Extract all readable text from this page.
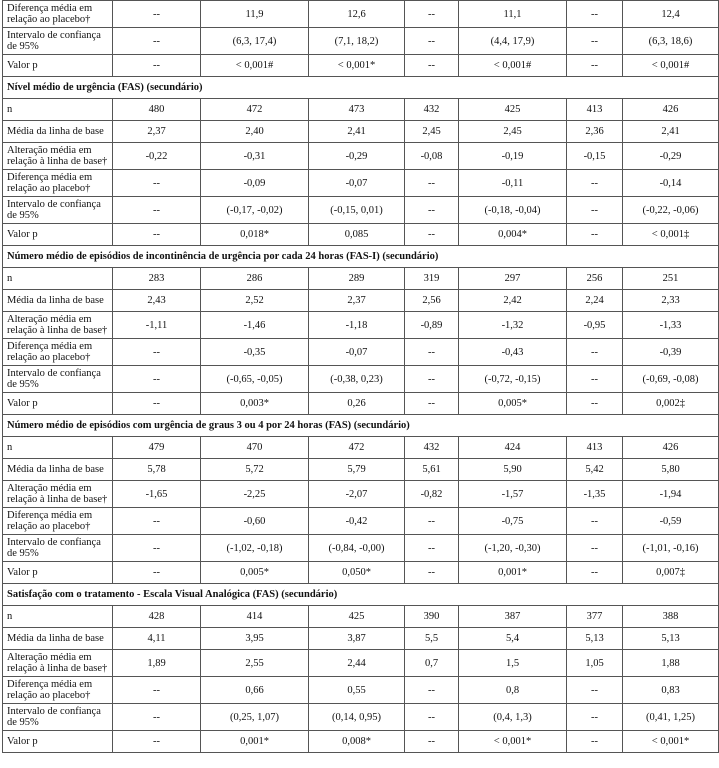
Diferença média em relação ao placebo†	--	11,9	12,6	--	11,1	--	12,4
Intervalo de confiança de 95%	--	(6,3, 17,4)	(7,1, 18,2)	--	(4,4, 17,9)	--	(6,3, 18,6)
Valor p	--	< 0,001#	< 0,001*	--	< 0,001#	--	< 0,001#
Nível médio de urgência (FAS) (secundário)							
n	480	472	473	432	425	413	426
Média da linha de base	2,37	2,40	2,41	2,45	2,45	2,36	2,41
Alteração média em relação à linha de base†	-0,22	-0,31	-0,29	-0,08	-0,19	-0,15	-0,29
Diferença média em relação ao placebo†	--	-0,09	-0,07	--	-0,11	--	-0,14
Intervalo de confiança de 95%	--	(-0,17, -0,02)	(-0,15, 0,01)	--	(-0,18, -0,04)	--	(-0,22, -0,06)
Valor p	--	0,018*	0,085	--	0,004*	--	< 0,001‡
Número médio de episódios de incontinência de urgência por cada 24 horas (FAS-I) (secundário)							
n	283	286	289	319	297	256	251
Média da linha de base	2,43	2,52	2,37	2,56	2,42	2,24	2,33
Alteração média em relação à linha de base†	-1,11	-1,46	-1,18	-0,89	-1,32	-0,95	-1,33
Diferença média em relação ao placebo†	--	-0,35	-0,07	--	-0,43	--	-0,39
Intervalo de confiança de 95%	--	(-0,65, -0,05)	(-0,38, 0,23)	--	(-0,72, -0,15)	--	(-0,69, -0,08)
Valor p	--	0,003*	0,26	--	0,005*	--	0,002‡
Número médio de episódios com urgência de graus 3 ou 4 por 24 horas (FAS) (secundário)							
n	479	470	472	432	424	413	426
Média da linha de base	5,78	5,72	5,79	5,61	5,90	5,42	5,80
Alteração média em relação à linha de base†	-1,65	-2,25	-2,07	-0,82	-1,57	-1,35	-1,94
Diferença média em relação ao placebo†	--	-0,60	-0,42	--	-0,75	--	-0,59
Intervalo de confiança de 95%	--	(-1,02, -0,18)	(-0,84, -0,00)	--	(-1,20, -0,30)	--	(-1,01, -0,16)
Valor p	--	0,005*	0,050*	--	0,001*	--	0,007‡
Satisfação com o tratamento - Escala Visual Analógica (FAS) (secundário)							
n	428	414	425	390	387	377	388
Média da linha de base	4,11	3,95	3,87	5,5	5,4	5,13	5,13
Alteração média em relação à linha de base†	1,89	2,55	2,44	0,7	1,5	1,05	1,88
Diferença média em relação ao placebo†	--	0,66	0,55	--	0,8	--	0,83
Intervalo de confiança de 95%	--	(0,25, 1,07)	(0,14, 0,95)	--	(0,4, 1,3)	--	(0,41, 1,25)
Valor p	--	0,001*	0,008*	--	< 0,001*	--	< 0,001*
